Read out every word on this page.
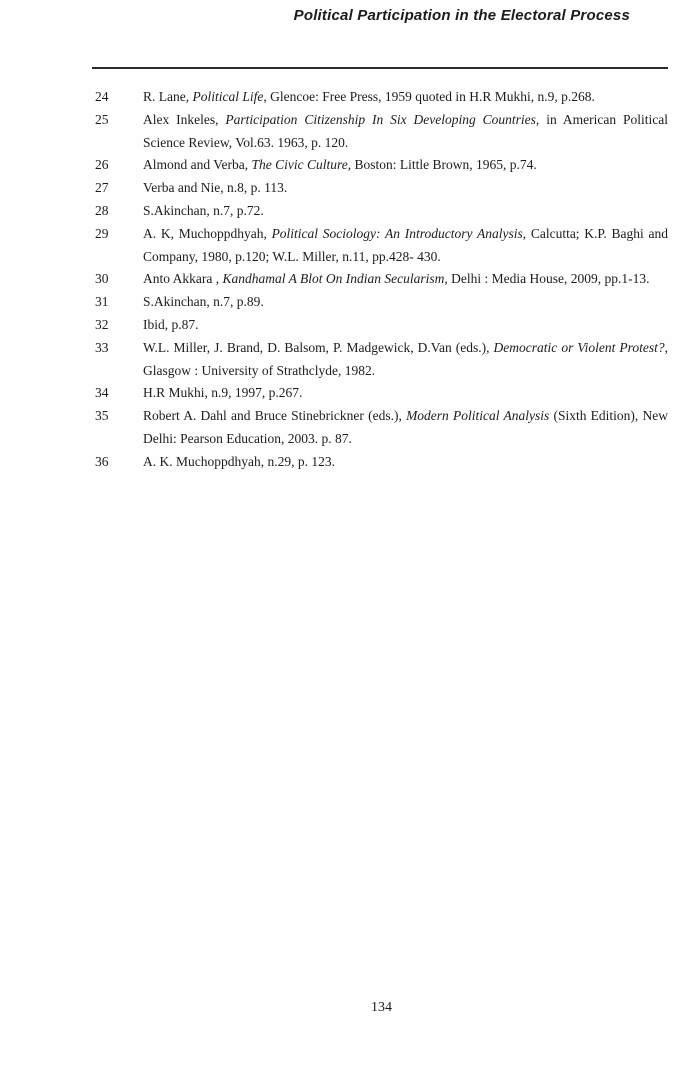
Political Participation in the Electoral Process
24	R. Lane, Political Life, Glencoe: Free Press, 1959 quoted in H.R Mukhi, n.9, p.268.
25	Alex Inkeles, Participation Citizenship In Six Developing Countries, in American Political Science Review, Vol.63. 1963, p. 120.
26	Almond and Verba, The Civic Culture, Boston: Little Brown, 1965, p.74.
27	Verba and Nie, n.8, p. 113.
28	S.Akinchan, n.7, p.72.
29	A. K, Muchoppdhyah, Political Sociology: An Introductory Analysis, Calcutta; K.P. Baghi and Company, 1980, p.120; W.L. Miller, n.11, pp.428- 430.
30	Anto Akkara , Kandhamal A Blot On Indian Secularism, Delhi : Media House, 2009, pp.1-13.
31	S.Akinchan, n.7, p.89.
32	Ibid, p.87.
33	W.L. Miller, J. Brand, D. Balsom, P. Madgewick, D.Van (eds.), Democratic or Violent Protest?, Glasgow : University of Strathclyde, 1982.
34	H.R Mukhi, n.9, 1997, p.267.
35	Robert A. Dahl and Bruce Stinebrickner (eds.), Modern Political Analysis (Sixth Edition), New Delhi: Pearson Education, 2003. p. 87.
36	A. K. Muchoppdhyah, n.29, p. 123.
134
